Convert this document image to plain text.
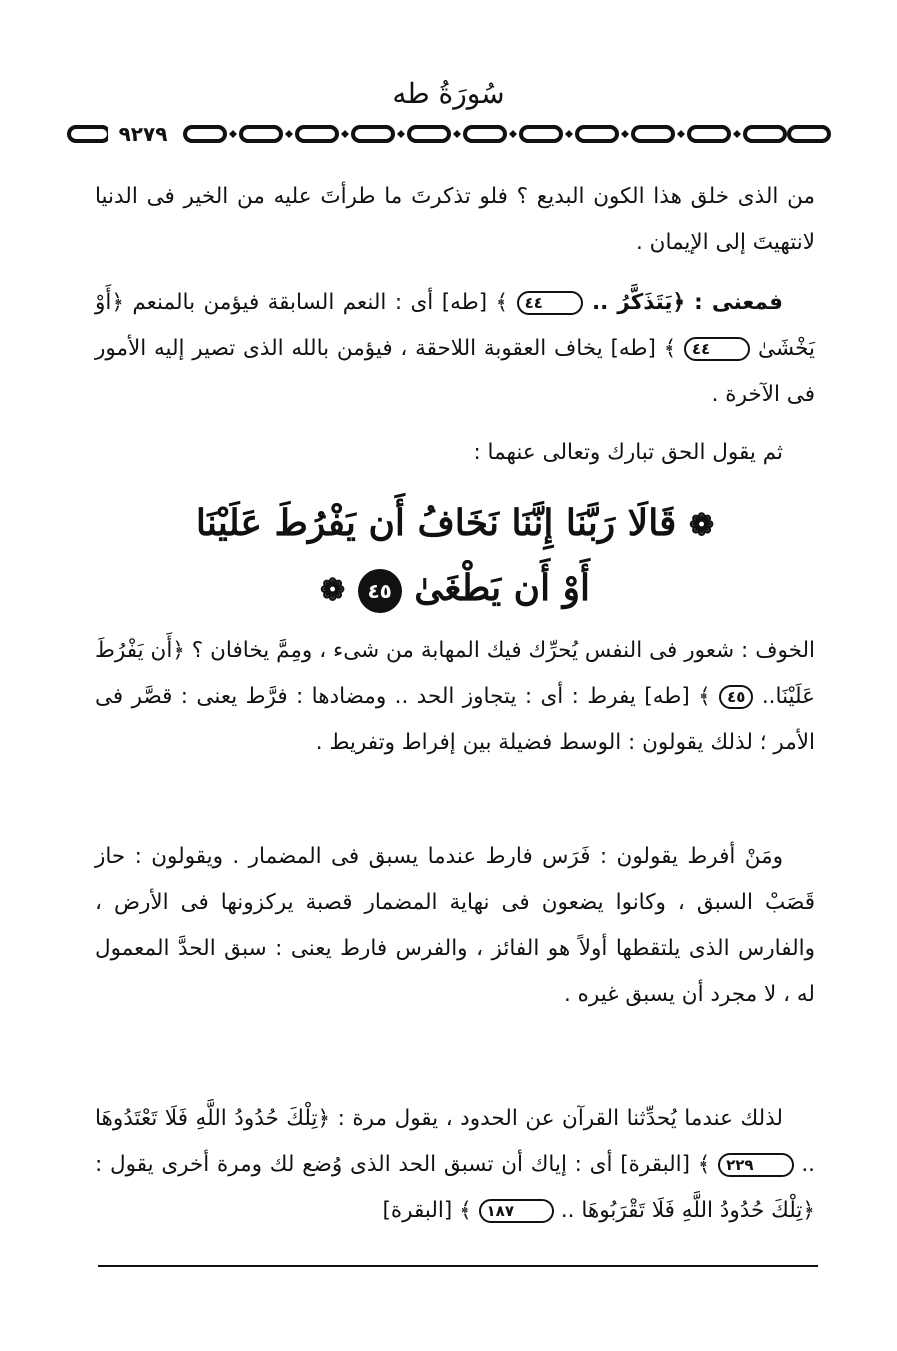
سُورَةُ طه
٩٢٧٩

من الذى خلق هذا الكون البديع ؟ فلو تذكرتَ ما طرأتَ عليه من الخير فى الدنيا لانتهيتَ إلى الإيمان .

فمعنى : ﴿يَتَذَكَّرُ .. ٤٤ ﴾ [طه] أى : النعم السابقة فيؤمن بالمنعم ﴿أَوْ يَخْشَىٰ ٤٤ ﴾ [طه] يخاف العقوبة اللاحقة ، فيؤمن بالله الذى تصير إليه الأمور فى الآخرة .

ثم يقول الحق تبارك وتعالى عنهما :

❁ قَالَا رَبَّنَا إِنَّنَا نَخَافُ أَن يَفْرُطَ عَلَيْنَا
أَوْ أَن يَطْغَىٰ ٤٥ ❁

الخوف : شعور فى النفس يُحرِّك فيك المهابة من شىء ، ومِمَّ يخافان ؟ ﴿أَن يَفْرُطَ عَلَيْنَا.. ٤٥ ﴾ [طه] يفرط : أى : يتجاوز الحد .. ومضادها : فرَّط يعنى : قصَّر فى الأمر ؛ لذلك يقولون : الوسط فضيلة بين إفراط وتفريط .

ومَنْ أفرط يقولون : فَرَس فارط عندما يسبق فى المضمار . ويقولون : حاز قَصَبْ السبق ، وكانوا يضعون فى نهاية المضمار قصبة يركزونها فى الأرض ، والفارس الذى يلتقطها أولاً هو الفائز ، والفرس فارط يعنى : سبق الحدَّ المعمول له ، لا مجرد أن يسبق غيره .

لذلك عندما يُحدِّثنا القرآن عن الحدود ، يقول مرة : ﴿تِلْكَ حُدُودُ اللَّهِ فَلَا تَعْتَدُوهَا .. ٢٢٩ ﴾ [البقرة] أى : إياك أن تسبق الحد الذى وُضع لك ومرة أخرى يقول : ﴿تِلْكَ حُدُودُ اللَّهِ فَلَا تَقْرَبُوهَا .. ١٨٧ ﴾ [البقرة]
